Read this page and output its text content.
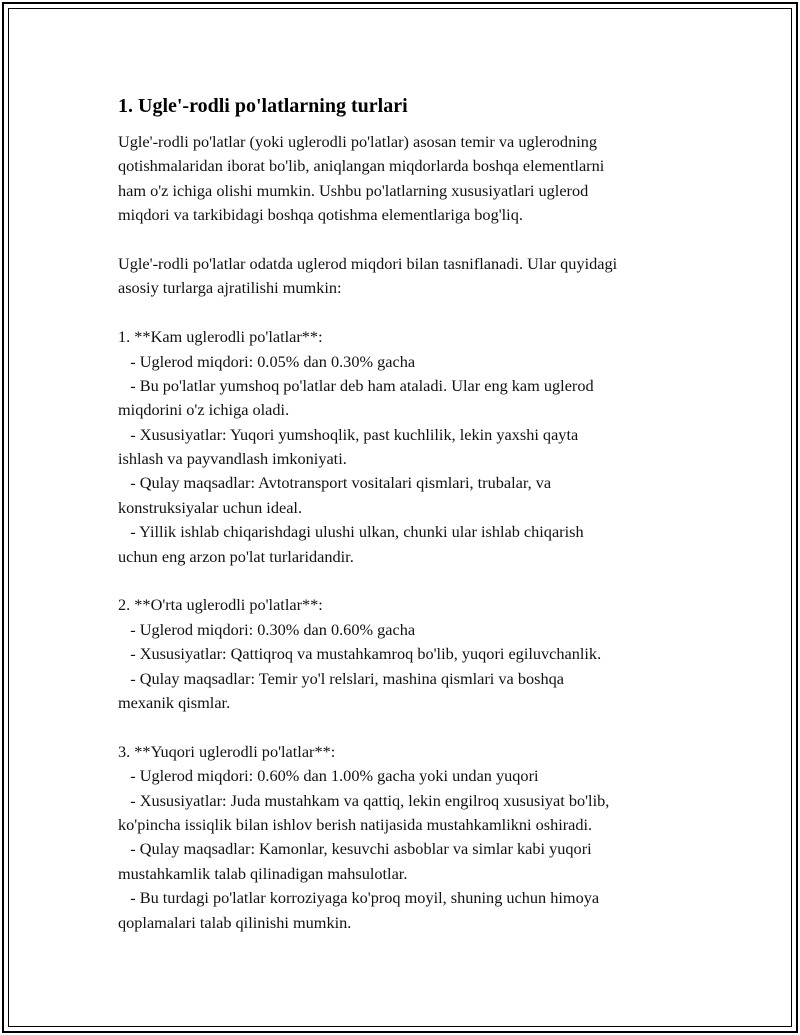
1. Ugle'-rodli po'latlarning turlari
Ugle'-rodli po'latlar (yoki uglerodli po'latlar) asosan temir va uglerodning
qotishmalaridan iborat bo'lib, aniqlangan miqdorlarda boshqa elementlarni
ham o'z ichiga olishi mumkin. Ushbu po'latlarning xususiyatlari uglerod
miqdori va tarkibidagi boshqa qotishma elementlariga bog'liq.
Ugle'-rodli po'latlar odatda uglerod miqdori bilan tasniflanadi. Ular quyidagi
asosiy turlarga ajratilishi mumkin:
1. **Kam uglerodli po'latlar**:
- Uglerod miqdori: 0.05% dan 0.30% gacha
- Bu po'latlar yumshoq po'latlar deb ham ataladi. Ular eng kam uglerod
miqdorini o'z ichiga oladi.
- Xususiyatlar: Yuqori yumshoqlik, past kuchlilik, lekin yaxshi qayta
ishlash va payvandlash imkoniyati.
- Qulay maqsadlar: Avtotransport vositalari qismlari, trubalar, va
konstruksiyalar uchun ideal.
- Yillik ishlab chiqarishdagi ulushi ulkan, chunki ular ishlab chiqarish
uchun eng arzon po'lat turlaridandir.
2. **O'rta uglerodli po'latlar**:
- Uglerod miqdori: 0.30% dan 0.60% gacha
- Xususiyatlar: Qattiqroq va mustahkamroq bo'lib, yuqori egiluvchanlik.
- Qulay maqsadlar: Temir yo'l relslari, mashina qismlari va boshqa
mexanik qismlar.
3. **Yuqori uglerodli po'latlar**:
- Uglerod miqdori: 0.60% dan 1.00% gacha yoki undan yuqori
- Xususiyatlar: Juda mustahkam va qattiq, lekin engilroq xususiyat bo'lib,
ko'pincha issiqlik bilan ishlov berish natijasida mustahkamlikni oshiradi.
- Qulay maqsadlar: Kamonlar, kesuvchi asboblar va simlar kabi yuqori
mustahkamlik talab qilinadigan mahsulotlar.
- Bu turdagi po'latlar korroziyaga ko'proq moyil, shuning uchun himoya
qoplamalari talab qilinishi mumkin.
